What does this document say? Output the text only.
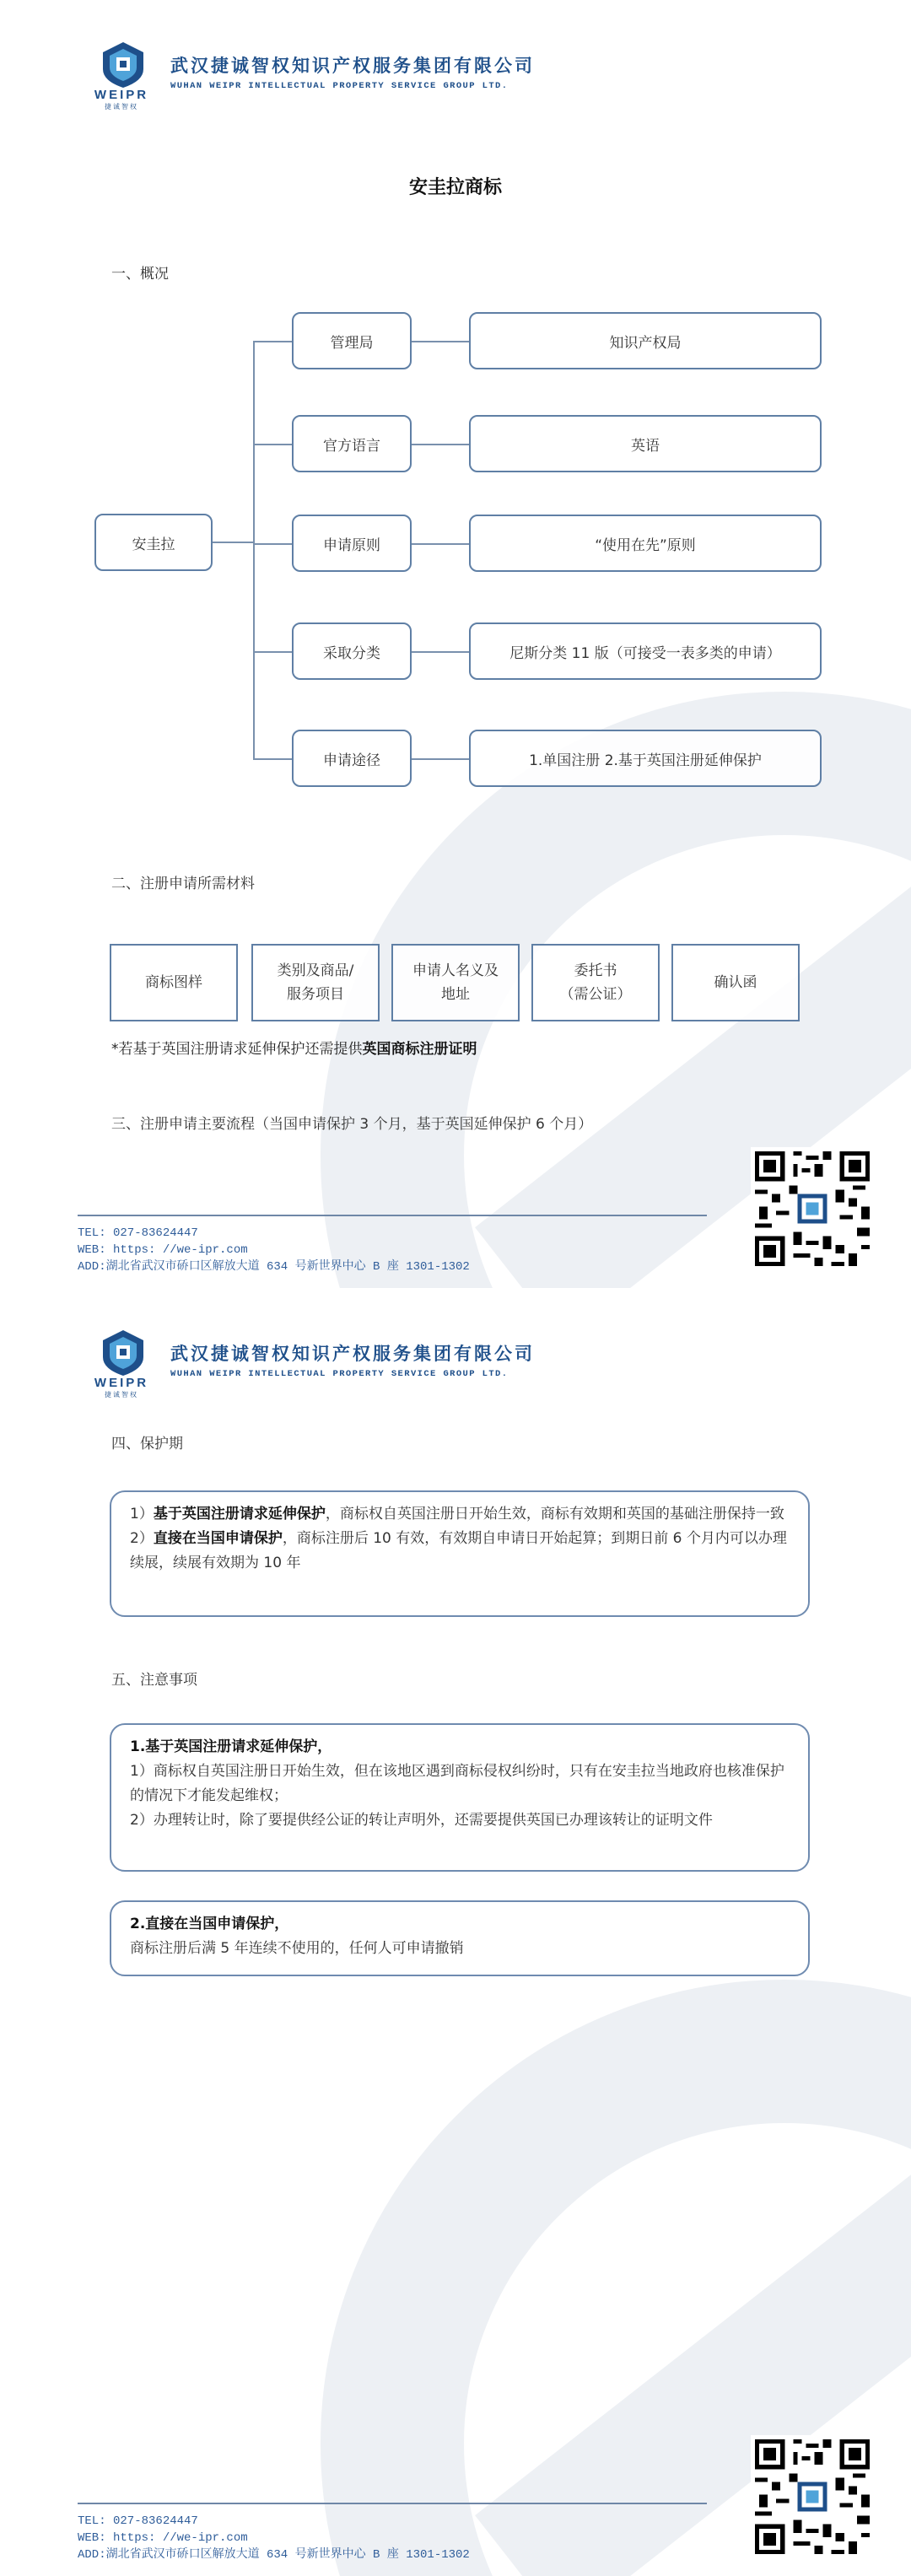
WEIPR
捷诚智权
武汉捷诚智权知识产权服务集团有限公司
WUHAN WEIPR INTELLECTUAL PROPERTY SERVICE GROUP LTD.
安圭拉商标
一、概况
安圭拉
管理局	知识产权局
官方语言	英语
申请原则	“使用在先”原则
采取分类	尼斯分类 11 版（可接受一表多类的申请）
申请途径	1.单国注册 2.基于英国注册延伸保护
二、注册申请所需材料
商标图样
类别及商品/
服务项目
申请人名义及
地址
委托书
（需公证）
确认函
*若基于英国注册请求延伸保护还需提供英国商标注册证明
三、注册申请主要流程（当国申请保护 3 个月，基于英国延伸保护 6 个月）
TEL: 027-83624447
WEB: https: //we-ipr.com
ADD:湖北省武汉市硚口区解放大道 634 号新世界中心 B 座 1301-1302
WEIPR
捷诚智权
武汉捷诚智权知识产权服务集团有限公司
WUHAN WEIPR INTELLECTUAL PROPERTY SERVICE GROUP LTD.
四、保护期
1）基于英国注册请求延伸保护，商标权自英国注册日开始生效，商标有效期和英国的基础注册保持一致
2）直接在当国申请保护，商标注册后 10 有效，有效期自申请日开始起算；到期日前 6 个月内可以办理续展，续展有效期为 10 年
五、注意事项
1.基于英国注册请求延伸保护，
1）商标权自英国注册日开始生效，但在该地区遇到商标侵权纠纷时，只有在安圭拉当地政府也核准保护的情况下才能发起维权；
2）办理转让时，除了要提供经公证的转让声明外，还需要提供英国已办理该转让的证明文件
2.直接在当国申请保护，
商标注册后满 5 年连续不使用的，任何人可申请撤销
TEL: 027-83624447
WEB: https: //we-ipr.com
ADD:湖北省武汉市硚口区解放大道 634 号新世界中心 B 座 1301-1302
